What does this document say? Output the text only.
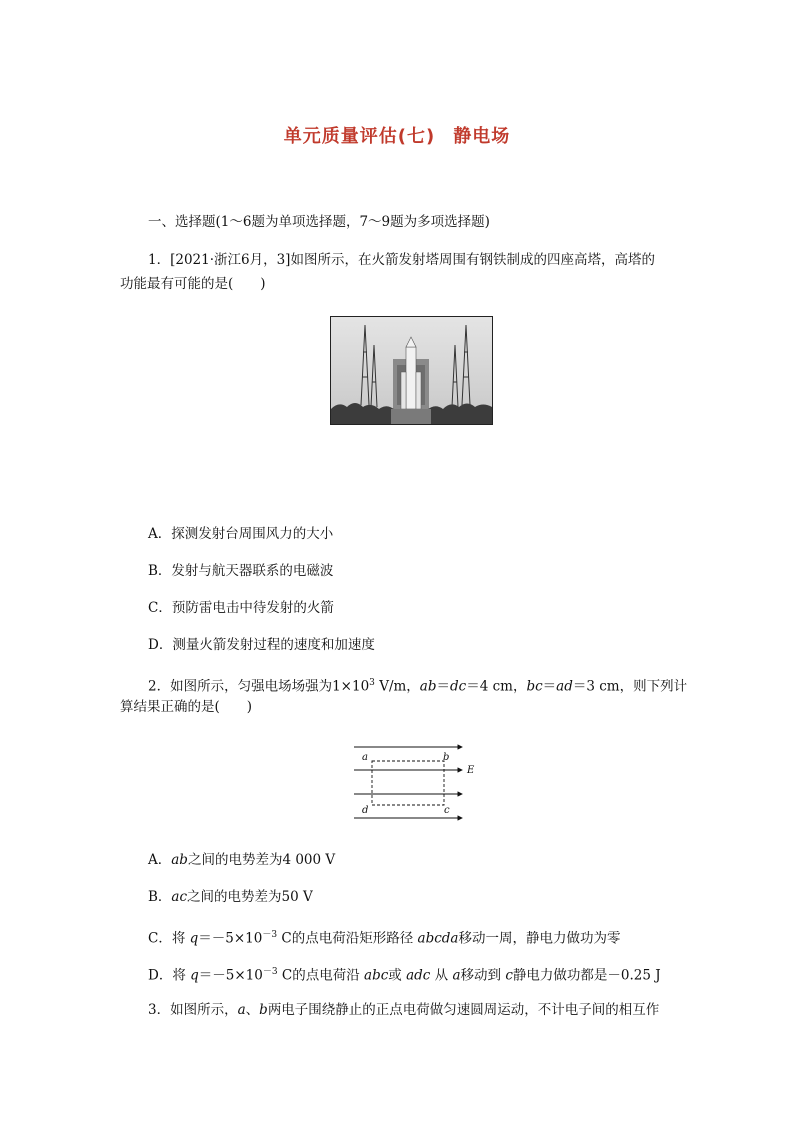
单元质量评估(七) 静电场
一、选择题(1～6题为单项选择题，7～9题为多项选择题)
1．[2021·浙江6月，3]如图所示，在火箭发射塔周围有钢铁制成的四座高塔，高塔的
功能最有可能的是(　　)
A．探测发射台周围风力的大小
B．发射与航天器联系的电磁波
C．预防雷电击中待发射的火箭
D．测量火箭发射过程的速度和加速度
2．如图所示，匀强电场场强为$1\times 10^3$ V/m，ab＝dc＝4 cm，bc＝ad＝3 cm，则下列计
算结果正确的是(　　)
a	b
c
d
E
A．ab之间的电势差为4 000 V
B．ac之间的电势差为50 V
C．将 $q=-5\times 10^{-3}$ C的点电荷沿矩形路径 abcda移动一周，静电力做功为零
D．将 $q=-5\times 10^{-3}$ C的点电荷沿 abc或 adc 从 a移动到 c静电力做功都是－0.25 J
3．如图所示，a、b两电子围绕静止的正点电荷做匀速圆周运动，不计电子间的相互作
